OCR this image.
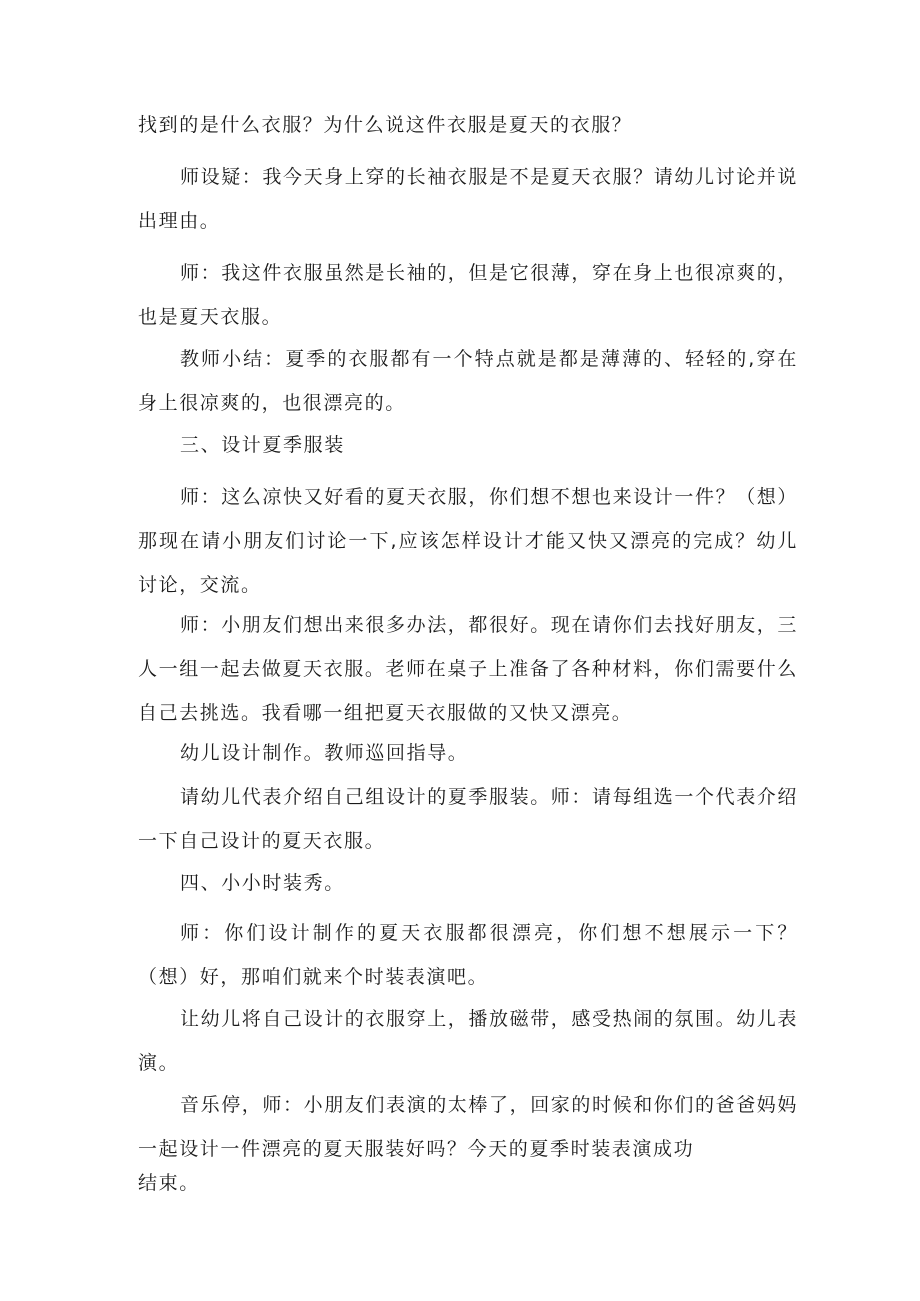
找到的是什么衣服？为什么说这件衣服是夏天的衣服？

师设疑：我今天身上穿的长袖衣服是不是夏天衣服？请幼儿讨论并说出理由。

师：我这件衣服虽然是长袖的，但是它很薄，穿在身上也很凉爽的，也是夏天衣服。

教师小结：夏季的衣服都有一个特点就是都是薄薄的、轻轻的,穿在身上很凉爽的，也很漂亮的。

三、设计夏季服装

师：这么凉快又好看的夏天衣服，你们想不想也来设计一件？（想）那现在请小朋友们讨论一下,应该怎样设计才能又快又漂亮的完成？幼儿讨论，交流。

师：小朋友们想出来很多办法，都很好。现在请你们去找好朋友，三人一组一起去做夏天衣服。老师在桌子上准备了各种材料，你们需要什么自己去挑选。我看哪一组把夏天衣服做的又快又漂亮。

幼儿设计制作。教师巡回指导。

请幼儿代表介绍自己组设计的夏季服装。师：请每组选一个代表介绍一下自己设计的夏天衣服。

四、小小时装秀。

师：你们设计制作的夏天衣服都很漂亮，你们想不想展示一下？（想）好，那咱们就来个时装表演吧。

让幼儿将自己设计的衣服穿上，播放磁带，感受热闹的氛围。幼儿表演。

音乐停，师：小朋友们表演的太棒了，回家的时候和你们的爸爸妈妈一起设计一件漂亮的夏天服装好吗？今天的夏季时装表演成功

结束。
